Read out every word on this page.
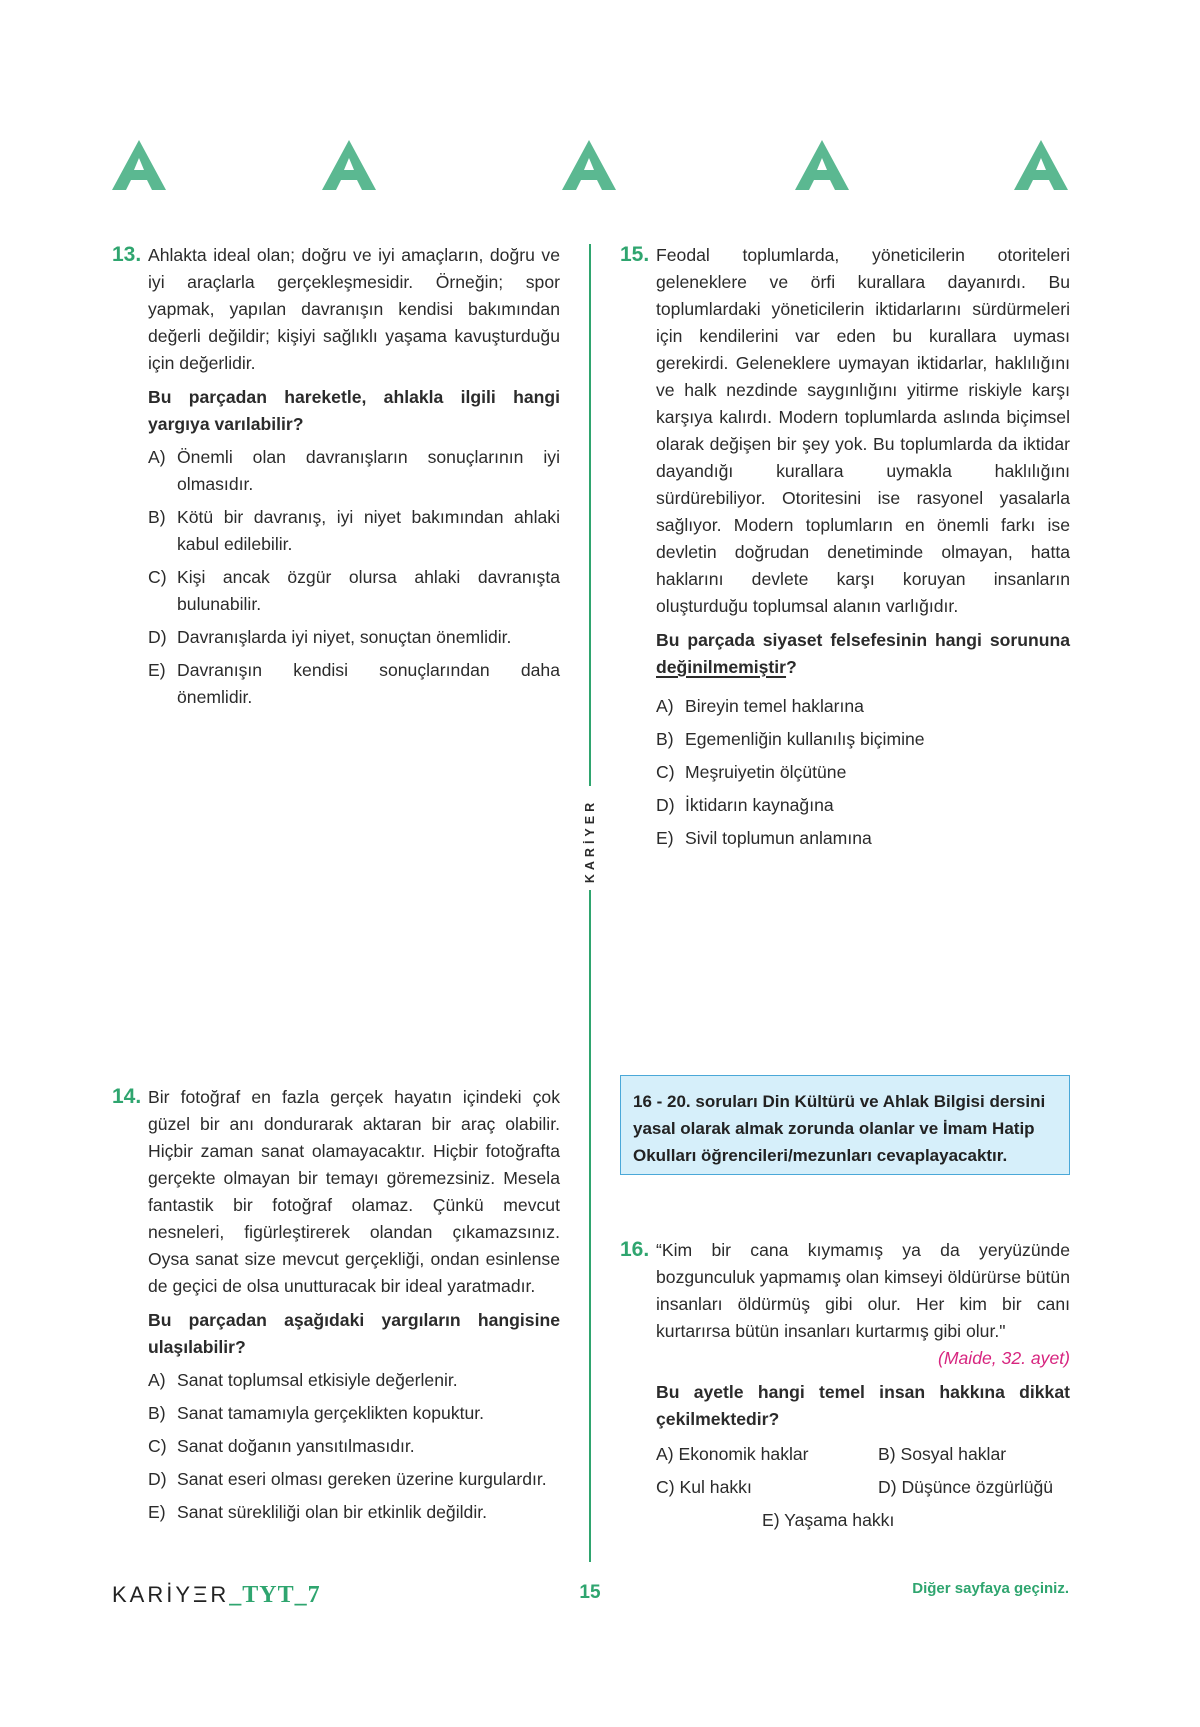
KARİYER
13. Ahlakta ideal olan; doğru ve iyi amaçların, doğru ve iyi araçlarla gerçekleşmesidir. Örneğin; spor yapmak, yapılan davranışın kendisi bakımından değerli değildir; kişiyi sağlıklı yaşama kavuşturduğu için değerlidir.

Bu parçadan hareketle, ahlakla ilgili hangi yargıya varılabilir?

A) Önemli olan davranışların sonuçlarının iyi olmasıdır.
B) Kötü bir davranış, iyi niyet bakımından ahlaki kabul edilebilir.
C) Kişi ancak özgür olursa ahlaki davranışta bulunabilir.
D) Davranışlarda iyi niyet, sonuçtan önemlidir.
E) Davranışın kendisi sonuçlarından daha önemlidir.
15. Feodal toplumlarda, yöneticilerin otoriteleri geleneklere ve örfi kurallara dayanırdı. Bu toplumlardaki yöneticilerin iktidarlarını sürdürmeleri için kendilerini var eden bu kurallara uyması gerekirdi. Geleneklere uymayan iktidarlar, haklılığını ve halk nezdinde saygınlığını yitirme riskiyle karşı karşıya kalırdı. Modern toplumlarda aslında biçimsel olarak değişen bir şey yok. Bu toplumlarda da iktidar dayandığı kurallara uymakla haklılığını sürdürebiliyor. Otoritesini ise rasyonel yasalarla sağlıyor. Modern toplumların en önemli farkı ise devletin doğrudan denetiminde olmayan, hatta haklarını devlete karşı koruyan insanların oluşturduğu toplumsal alanın varlığıdır.

Bu parçada siyaset felsefesinin hangi sorununa değinilmemiştir?

A) Bireyin temel haklarına
B) Egemenliğin kullanılış biçimine
C) Meşruiyetin ölçütüne
D) İktidarın kaynağına
E) Sivil toplumun anlamına
14. Bir fotoğraf en fazla gerçek hayatın içindeki çok güzel bir anı dondurarak aktaran bir araç olabilir. Hiçbir zaman sanat olamayacaktır. Hiçbir fotoğrafta gerçekte olmayan bir temayı göremezsiniz. Mesela fantastik bir fotoğraf olamaz. Çünkü mevcut nesneleri, figürleştirerek olandan çıkamazsınız. Oysa sanat size mevcut gerçekliği, ondan esinlense de geçici de olsa unutturacak bir ideal yaratmadır.

Bu parçadan aşağıdaki yargıların hangisine ulaşılabilir?

A) Sanat toplumsal etkisiyle değerlenir.
B) Sanat tamamıyla gerçeklikten kopuktur.
C) Sanat doğanın yansıtılmasıdır.
D) Sanat eseri olması gereken üzerine kurgulardır.
E) Sanat sürekliliği olan bir etkinlik değildir.
16 - 20. soruları Din Kültürü ve Ahlak Bilgisi dersini yasal olarak almak zorunda olanlar ve İmam Hatip Okulları öğrencileri/mezunları cevaplayacaktır.
16. “Kim bir cana kıymamış ya da yeryüzünde bozgunculuk yapmamış olan kimseyi öldürürse bütün insanları öldürmüş gibi olur. Her kim bir canı kurtarırsa bütün insanları kurtarmış gibi olur."

(Maide, 32. ayet)

Bu ayetle hangi temel insan hakkına dikkat çekilmektedir?

A) Ekonomik haklar	B) Sosyal haklar
C) Kul hakkı	D) Düşünce özgürlüğü
E) Yaşama hakkı
KARİYΞR_TYT_7	15	Diğer sayfaya geçiniz.
